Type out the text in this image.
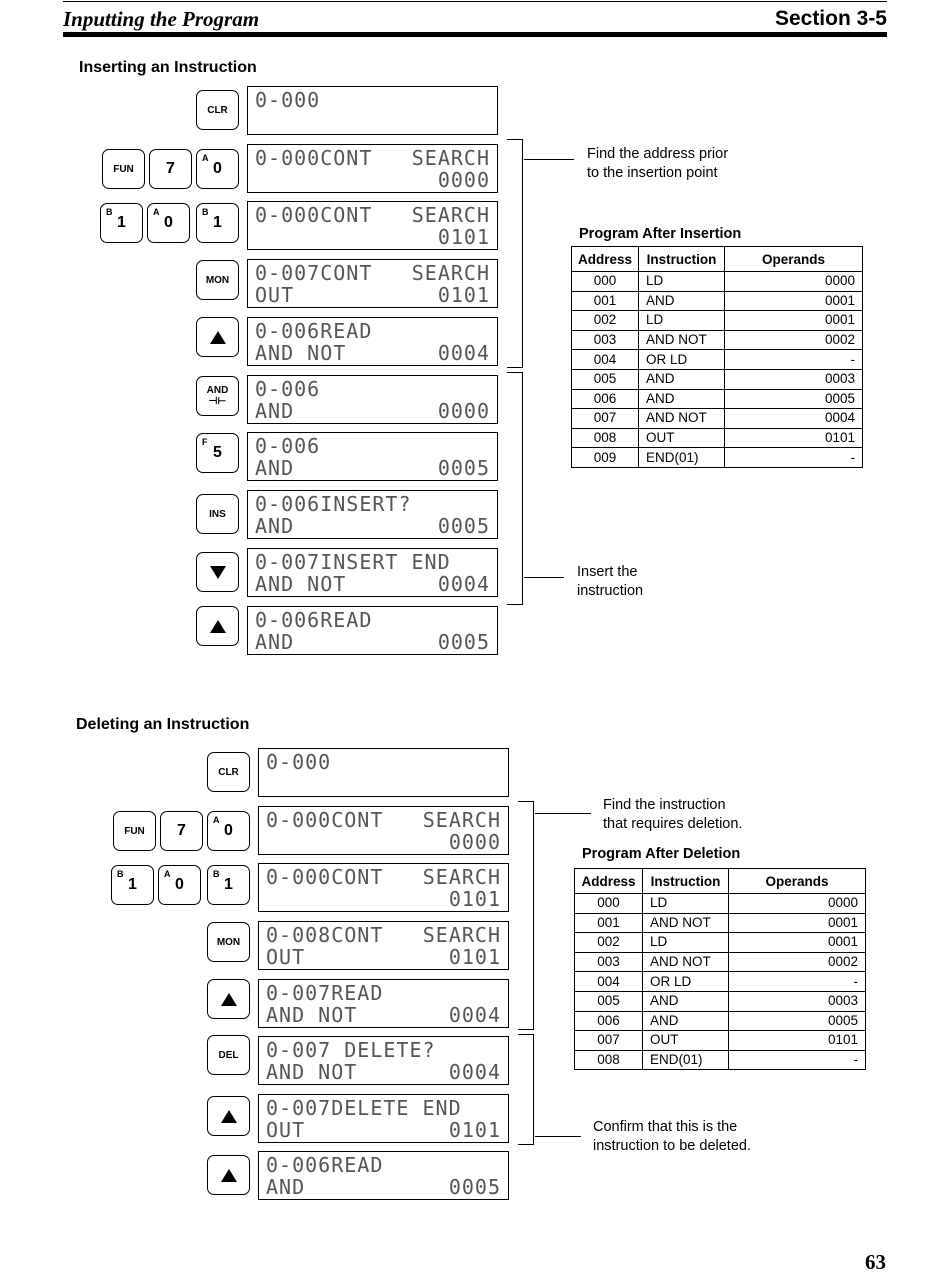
Inputting the Program	Section 3-5
Inserting an Instruction
CLR
FUN 7
A
0
B
1
A
0
B
1
MON
AND
⊣⊢
F
5
INS
0-000
0-000CONT SEARCH
0000
0-000CONT SEARCH
0101
0-007CONT SEARCH
OUT	0101
0-006READ
AND NOT	0004
0-006
AND	0000
0-006
AND	0005
0-006INSERT?
AND	0005
0-007INSERT END
AND NOT	0004
0-006READ
AND	0005
Find the address prior
to the insertion point
Insert the
instruction
Program After Insertion
Address	Instruction	Operands
000	LD	0000
001	AND	0001
002	LD	0001
003	AND NOT	0002
004	OR LD	-
005	AND	0003
006	AND	0005
007	AND NOT	0004
008	OUT	0101
009	END(01)	-
Deleting an Instruction
CLR
FUN 7
A
0
B
1
A
0
B
1
MON
DEL
0-000
0-000CONT SEARCH
0000
0-000CONT SEARCH
0101
0-008CONT SEARCH
OUT	0101
0-007READ
AND NOT	0004
0-007 DELETE?
AND NOT	0004
0-007DELETE END
OUT	0101
0-006READ
AND	0005
Find the instruction
that requires deletion.
Confirm that this is the
instruction to be deleted.
Program After Deletion
Address	Instruction	Operands
000	LD	0000
001	AND NOT	0001
002	LD	0001
003	AND NOT	0002
004	OR LD	-
005	AND	0003
006	AND	0005
007	OUT	0101
008	END(01)	-
63
